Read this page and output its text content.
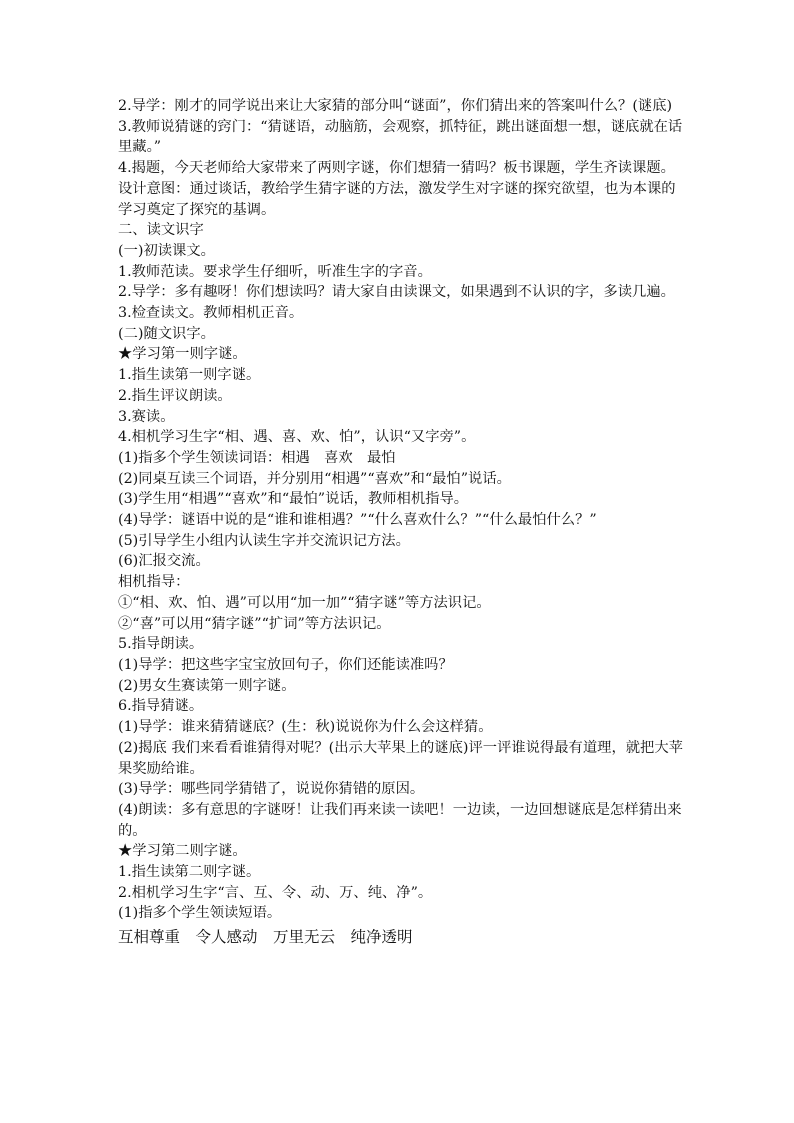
2.导学：刚才的同学说出来让大家猜的部分叫“谜面”，你们猜出来的答案叫什么？(谜底)

3.教师说猜谜的窍门：“猜谜语，动脑筋，会观察，抓特征，跳出谜面想一想，谜底就在话里藏。”

4.揭题，今天老师给大家带来了两则字谜，你们想猜一猜吗？板书课题，学生齐读课题。

设计意图：通过谈话，教给学生猜字谜的方法，激发学生对字谜的探究欲望，也为本课的学习奠定了探究的基调。

二、读文识字

(一)初读课文。

1.教师范读。要求学生仔细听，听准生字的字音。

2.导学：多有趣呀！你们想读吗？请大家自由读课文，如果遇到不认识的字，多读几遍。

3.检查读文。教师相机正音。

(二)随文识字。

★学习第一则字谜。

1.指生读第一则字谜。

2.指生评议朗读。

3.赛读。

4.相机学习生字“相、遇、喜、欢、怕”，认识“又字旁”。

(1)指多个学生领读词语：相遇　喜欢　最怕

(2)同桌互读三个词语，并分别用“相遇”“喜欢”和“最怕”说话。

(3)学生用“相遇”“喜欢”和“最怕”说话，教师相机指导。

(4)导学：谜语中说的是“谁和谁相遇？”“什么喜欢什么？”“什么最怕什么？”

(5)引导学生小组内认读生字并交流识记方法。

(6)汇报交流。

相机指导：

①“相、欢、怕、遇”可以用“加一加”“猜字谜”等方法识记。

②“喜”可以用“猜字谜”“扩词”等方法识记。

5.指导朗读。

(1)导学：把这些字宝宝放回句子，你们还能读准吗？

(2)男女生赛读第一则字谜。

6.指导猜谜。

(1)导学：谁来猜猜谜底？(生：秋)说说你为什么会这样猜。

(2)揭底 我们来看看谁猜得对呢？(出示大苹果上的谜底)评一评谁说得最有道理，就把大苹果奖励给谁。

(3)导学：哪些同学猜错了，说说你猜错的原因。

(4)朗读：多有意思的字谜呀！让我们再来读一读吧！一边读，一边回想谜底是怎样猜出来的。

★学习第二则字谜。

1.指生读第二则字谜。

2.相机学习生字“言、互、令、动、万、纯、净”。

(1)指多个学生领读短语。

互相尊重　令人感动　万里无云　纯净透明
